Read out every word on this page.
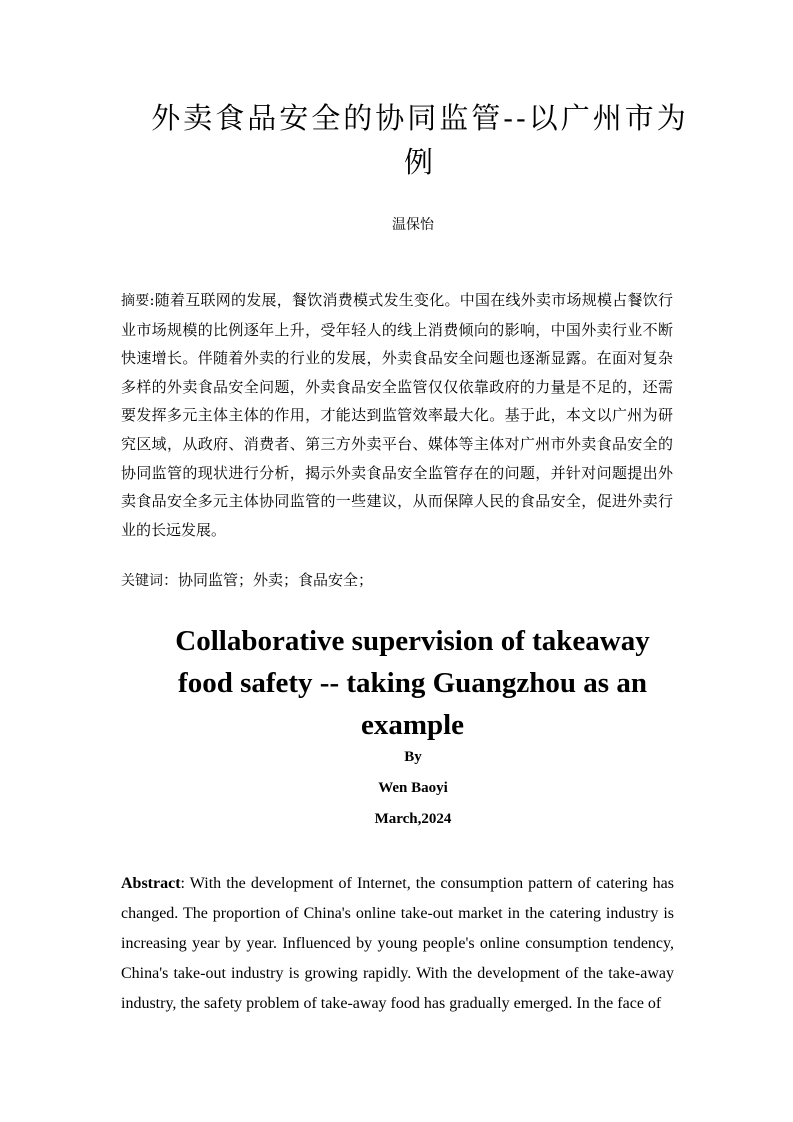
外卖食品安全的协同监管--以广州市为

例
温保怡
摘要:随着互联网的发展，餐饮消费模式发生变化。中国在线外卖市场规模占餐饮行业市场规模的比例逐年上升，受年轻人的线上消费倾向的影响，中国外卖行业不断快速增长。伴随着外卖的行业的发展，外卖食品安全问题也逐渐显露。在面对复杂多样的外卖食品安全问题，外卖食品安全监管仅仅依靠政府的力量是不足的，还需要发挥多元主体主体的作用，才能达到监管效率最大化。基于此，本文以广州为研究区域，从政府、消费者、第三方外卖平台、媒体等主体对广州市外卖食品安全的协同监管的现状进行分析，揭示外卖食品安全监管存在的问题，并针对问题提出外卖食品安全多元主体协同监管的一些建议，从而保障人民的食品安全，促进外卖行业的长远发展。
关键词：协同监管；外卖；食品安全；
Collaborative supervision of takeaway
food safety -- taking Guangzhou as an
example
By
Wen Baoyi
March,2024
Abstract: With the development of Internet, the consumption pattern of catering has changed. The proportion of China's online take-out market in the catering industry is increasing year by year. Influenced by young people's online consumption tendency, China's take-out industry is growing rapidly. With the development of the take-away industry, the safety problem of take-away food has gradually emerged. In the face of
